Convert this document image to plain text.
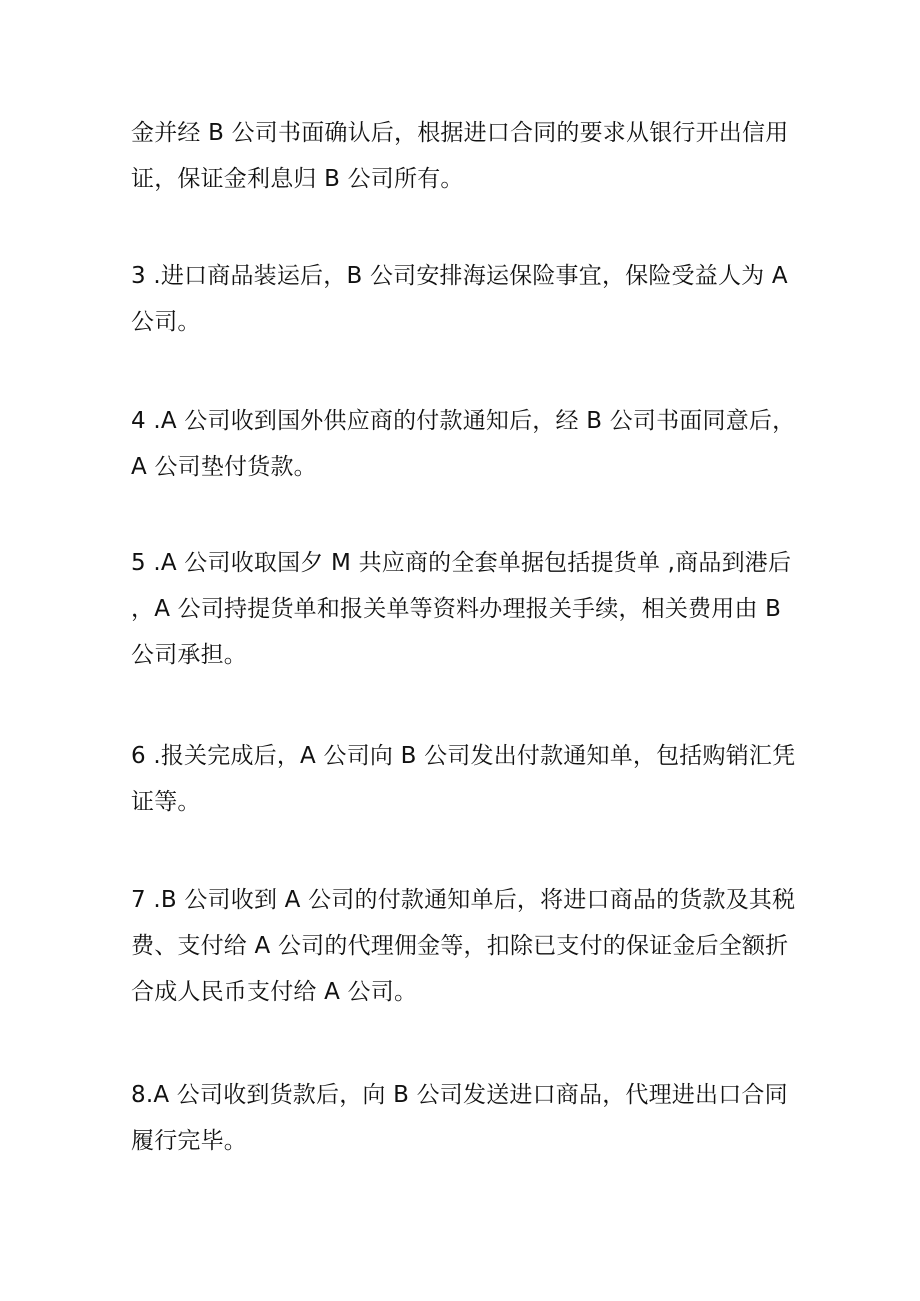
金并经 B 公司书面确认后，根据进口合同的要求从银行开出信用
证，保证金利息归 B 公司所有。

3 .进口商品装运后，B 公司安排海运保险事宜，保险受益人为 A
公司。

4 .A 公司收到国外供应商的付款通知后，经 B 公司书面同意后，
A 公司垫付货款。

5 .A 公司收取国夕 M 共应商的全套单据包括提货单 ,商品到港后
，A 公司持提货单和报关单等资料办理报关手续，相关费用由 B
公司承担。

6 .报关完成后，A 公司向 B 公司发出付款通知单，包括购销汇凭
证等。

7 .B 公司收到 A 公司的付款通知单后，将进口商品的货款及其税
费、支付给 A 公司的代理佣金等，扣除已支付的保证金后全额折
合成人民币支付给 A 公司。

8.A 公司收到货款后，向 B 公司发送进口商品，代理进出口合同
履行完毕。
